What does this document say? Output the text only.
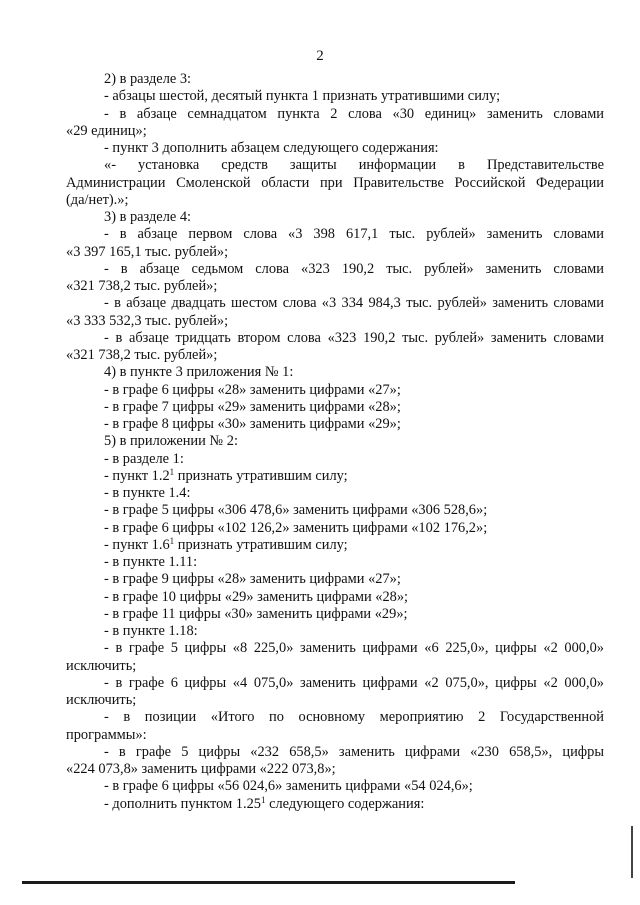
2
2) в разделе 3:
- абзацы шестой, десятый пункта 1 признать утратившими силу;
- в абзаце семнадцатом пункта 2 слова «30 единиц» заменить словами
«29 единиц»;
- пункт 3 дополнить абзацем следующего содержания:
«- установка средств защиты информации в Представительстве
Администрации Смоленской области при Правительстве Российской Федерации
(да/нет).»;
3) в разделе 4:
- в абзаце первом слова «3 398 617,1 тыс. рублей» заменить словами
«3 397 165,1 тыс. рублей»;
- в абзаце седьмом слова «323 190,2 тыс. рублей» заменить словами
«321 738,2 тыс. рублей»;
- в абзаце двадцать шестом слова «3 334 984,3 тыс. рублей» заменить словами
«3 333 532,3 тыс. рублей»;
- в абзаце тридцать втором слова «323 190,2 тыс. рублей» заменить словами
«321 738,2 тыс. рублей»;
4) в пункте 3 приложения № 1:
- в графе 6 цифры «28» заменить цифрами «27»;
- в графе 7 цифры «29» заменить цифрами «28»;
- в графе 8 цифры «30» заменить цифрами «29»;
5) в приложении № 2:
- в разделе 1:
- пункт $1.2^1$ признать утратившим силу;
- в пункте 1.4:
- в графе 5 цифры «306 478,6» заменить цифрами «306 528,6»;
- в графе 6 цифры «102 126,2» заменить цифрами «102 176,2»;
- пункт $1.6^1$ признать утратившим силу;
- в пункте 1.11:
- в графе 9 цифры «28» заменить цифрами «27»;
- в графе 10 цифры «29» заменить цифрами «28»;
- в графе 11 цифры «30» заменить цифрами «29»;
- в пункте 1.18:
- в графе 5 цифры «8 225,0» заменить цифрами «6 225,0», цифры «2 000,0»
исключить;
- в графе 6 цифры «4 075,0» заменить цифрами «2 075,0», цифры «2 000,0»
исключить;
- в позиции «Итого по основному мероприятию 2 Государственной
программы»:
- в графе 5 цифры «232 658,5» заменить цифрами «230 658,5», цифры
«224 073,8» заменить цифрами «222 073,8»;
- в графе 6 цифры «56 024,6» заменить цифрами «54 024,6»;
- дополнить пунктом 1.25$^1$ следующего содержания:
